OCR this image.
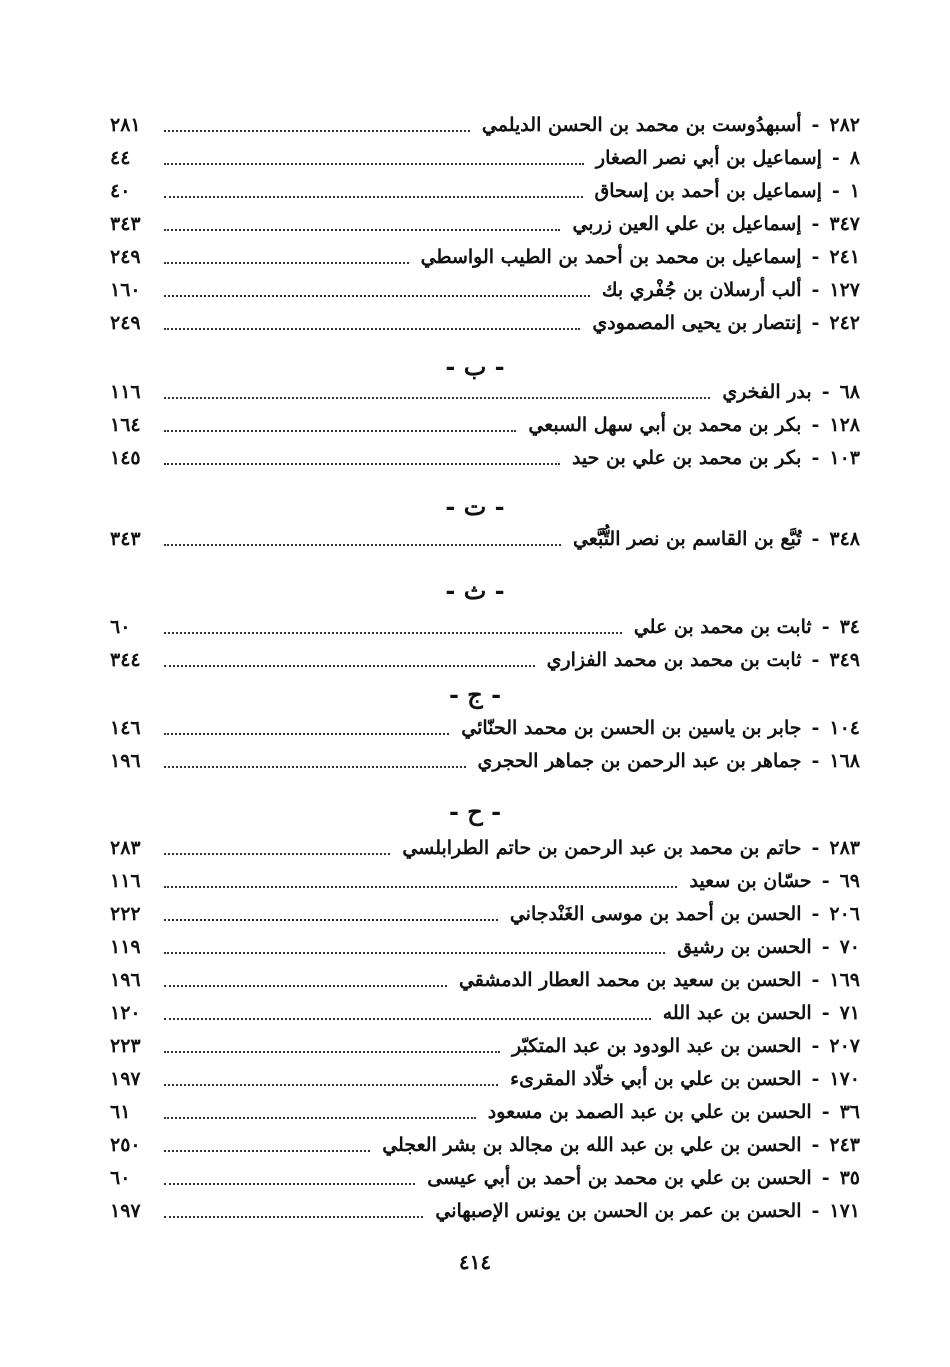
٢٨٢
-
أسبهدُوست بن محمد بن الحسن الديلمي
٢٨١
٨
-
إسماعيل بن أبي نصر الصغار
٤٤
١
-
إسماعيل بن أحمد بن إسحاق
٤٠
٣٤٧
-
إسماعيل بن علي العين زربي
٣٤٣
٢٤١
-
إسماعيل بن محمد بن أحمد بن الطيب الواسطي
٢٤٩
١٢٧
-
ألب أرسلان بن جُفْري بك
١٦٠
٢٤٢
-
إنتصار بن يحيى المصمودي
٢٤٩
- ب -
٦٨
-
بدر الفخري
١١٦
١٢٨
-
بكر بن محمد بن أبي سهل السبعي
١٦٤
١٠٣
-
بكر بن محمد بن علي بن حيد
١٤٥
- ت -
٣٤٨
-
تُبَّع بن القاسم بن نصر التُّبَّعي
٣٤٣
- ث -
٣٤
-
ثابت بن محمد بن علي
٦٠
٣٤٩
-
ثابت بن محمد بن محمد الفزاري
٣٤٤
- ج -
١٠٤
-
جابر بن ياسين بن الحسن بن محمد الحنّائي
١٤٦
١٦٨
-
جماهر بن عبد الرحمن بن جماهر الحجري
١٩٦
- ح -
٢٨٣
-
حاتم بن محمد بن عبد الرحمن بن حاتم الطرابلسي
٢٨٣
٦٩
-
حسّان بن سعيد
١١٦
٢٠٦
-
الحسن بن أحمد بن موسى الغَنْدجاني
٢٢٢
٧٠
-
الحسن بن رشيق
١١٩
١٦٩
-
الحسن بن سعيد بن محمد العطار الدمشقي
١٩٦
٧١
-
الحسن بن عبد الله
١٢٠
٢٠٧
-
الحسن بن عبد الودود بن عبد المتكبّر
٢٢٣
١٧٠
-
الحسن بن علي بن أبي خلّاد المقرىء
١٩٧
٣٦
-
الحسن بن علي بن عبد الصمد بن مسعود
٦١
٢٤٣
-
الحسن بن علي بن عبد الله بن مجالد بن بشر العجلي
٢٥٠
٣٥
-
الحسن بن علي بن محمد بن أحمد بن أبي عيسى
٦٠
١٧١
-
الحسن بن عمر بن الحسن بن يونس الإصبهاني
١٩٧
٤١٤
